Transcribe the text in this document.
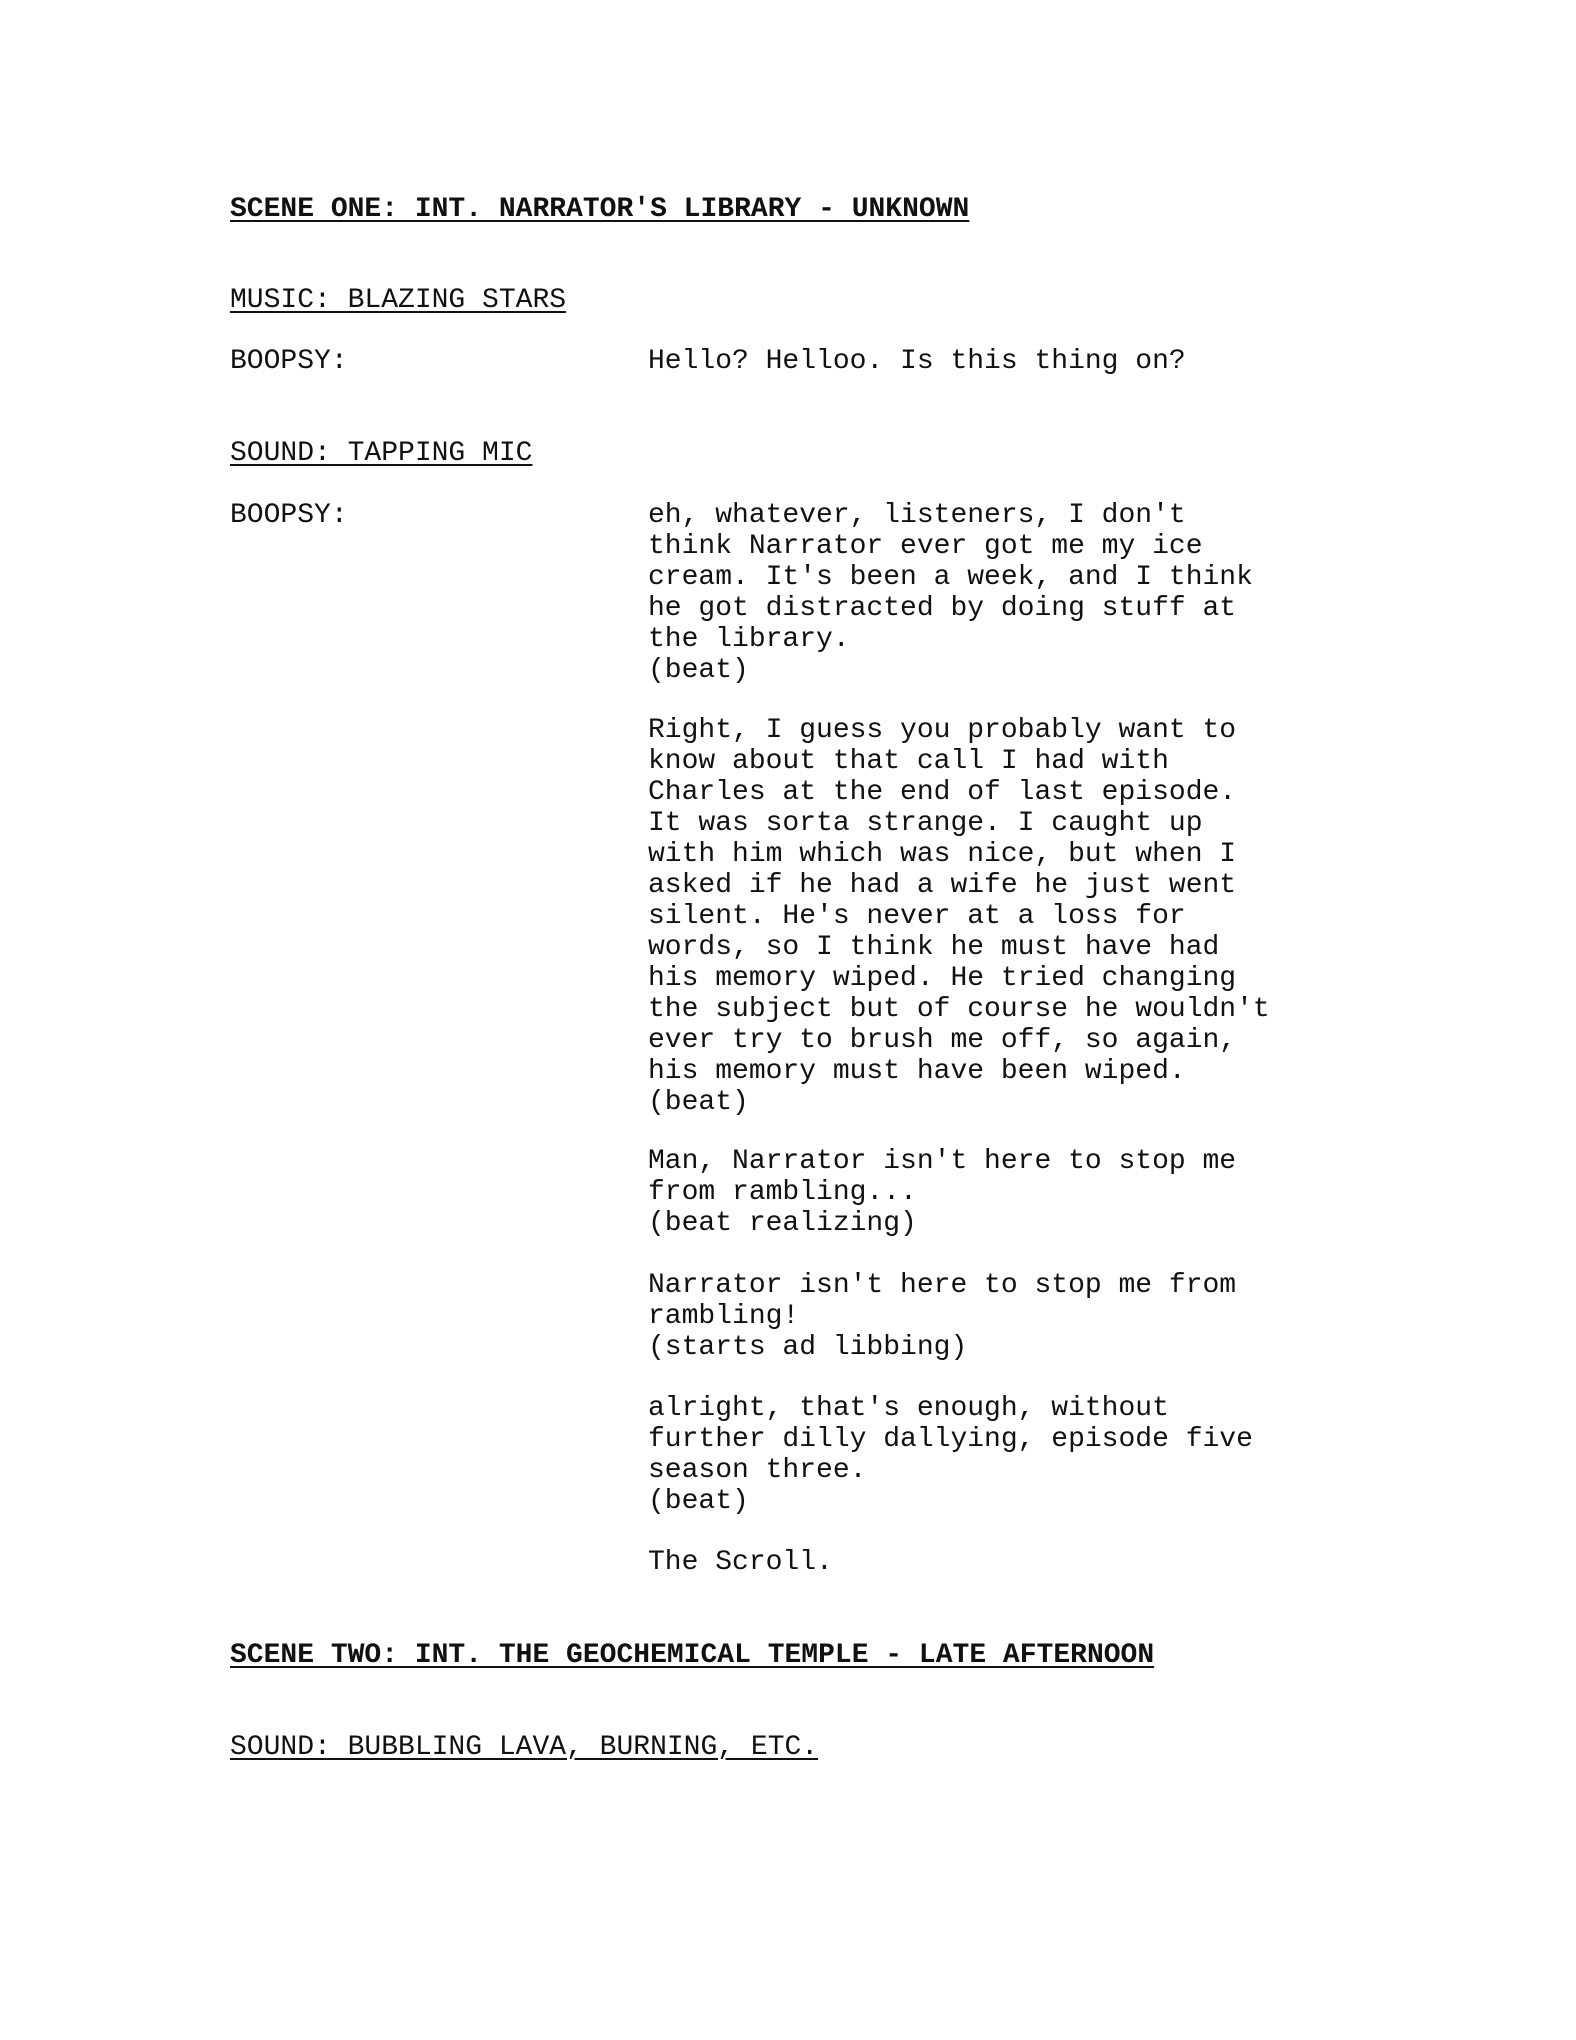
SCENE ONE: INT. NARRATOR'S LIBRARY - UNKNOWN
MUSIC: BLAZING STARS
BOOPSY:	Hello? Helloo. Is this thing on?
SOUND: TAPPING MIC
BOOPSY:	eh, whatever, listeners, I don't
think Narrator ever got me my ice
cream. It's been a week, and I think
he got distracted by doing stuff at
the library.
(beat)
Right, I guess you probably want to
know about that call I had with
Charles at the end of last episode.
It was sorta strange. I caught up
with him which was nice, but when I
asked if he had a wife he just went
silent. He's never at a loss for
words, so I think he must have had
his memory wiped. He tried changing
the subject but of course he wouldn't
ever try to brush me off, so again,
his memory must have been wiped.
(beat)
Man, Narrator isn't here to stop me
from rambling...
(beat realizing)
Narrator isn't here to stop me from
rambling!
(starts ad libbing)
alright, that's enough, without
further dilly dallying, episode five
season three.
(beat)
The Scroll.
SCENE TWO: INT. THE GEOCHEMICAL TEMPLE - LATE AFTERNOON
SOUND: BUBBLING LAVA, BURNING, ETC.
